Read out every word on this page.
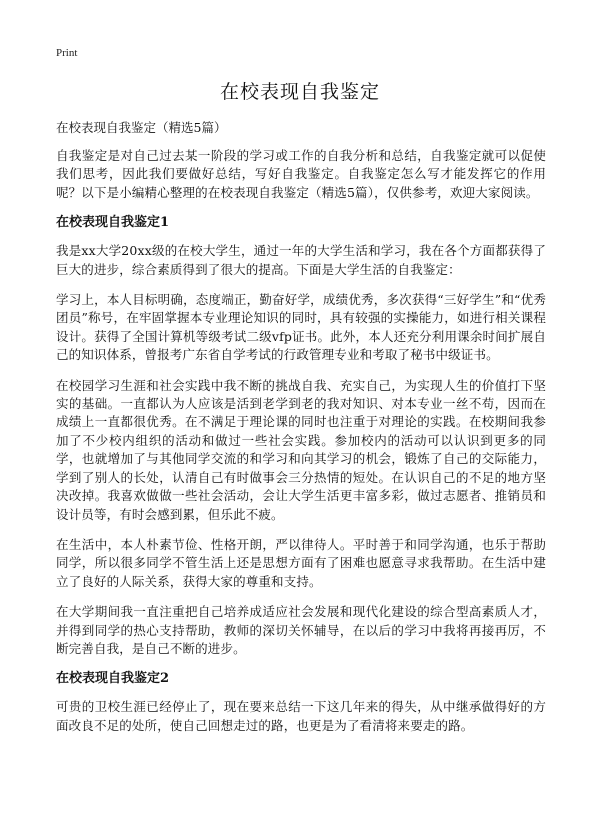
Print
在校表现自我鉴定
在校表现自我鉴定（精选5篇）

自我鉴定是对自己过去某一阶段的学习或工作的自我分析和总结，自我鉴定就可以促使我们思考，因此我们要做好总结，写好自我鉴定。自我鉴定怎么写才能发挥它的作用呢？以下是小编精心整理的在校表现自我鉴定（精选5篇），仅供参考，欢迎大家阅读。

在校表现自我鉴定1

我是xx大学20xx级的在校大学生，通过一年的大学生活和学习，我在各个方面都获得了巨大的进步，综合素质得到了很大的提高。下面是大学生活的自我鉴定：

学习上，本人目标明确，态度端正，勤奋好学，成绩优秀，多次获得“三好学生”和“优秀团员”称号，在牢固掌握本专业理论知识的同时，具有较强的实操能力，如进行相关课程设计。获得了全国计算机等级考试二级vfp证书。此外，本人还充分利用课余时间扩展自己的知识体系，曾报考广东省自学考试的行政管理专业和考取了秘书中级证书。

在校园学习生涯和社会实践中我不断的挑战自我、充实自己，为实现人生的价值打下坚实的基础。一直都认为人应该是活到老学到老的我对知识、对本专业一丝不苟，因而在成绩上一直都很优秀。在不满足于理论课的同时也注重于对理论的实践。在校期间我参加了不少校内组织的活动和做过一些社会实践。参加校内的活动可以认识到更多的同学，也就增加了与其他同学交流的和学习和向其学习的机会，锻炼了自己的交际能力，学到了别人的长处，认清自己有时做事会三分热情的短处。在认识自己的不足的地方坚决改掉。我喜欢做做一些社会活动，会让大学生活更丰富多彩，做过志愿者、推销员和设计员等，有时会感到累，但乐此不疲。

在生活中，本人朴素节俭、性格开朗，严以律待人。平时善于和同学沟通，也乐于帮助同学，所以很多同学不管生活上还是思想方面有了困难也愿意寻求我帮助。在生活中建立了良好的人际关系，获得大家的尊重和支持。

在大学期间我一直注重把自己培养成适应社会发展和现代化建设的综合型高素质人才，并得到同学的热心支持帮助，教师的深切关怀辅导，在以后的学习中我将再接再厉，不断完善自我，是自己不断的进步。

在校表现自我鉴定2

可贵的卫校生涯已经停止了，现在要来总结一下这几年来的得失，从中继承做得好的方面改良不足的处所，使自己回想走过的路，也更是为了看清将来要走的路。
